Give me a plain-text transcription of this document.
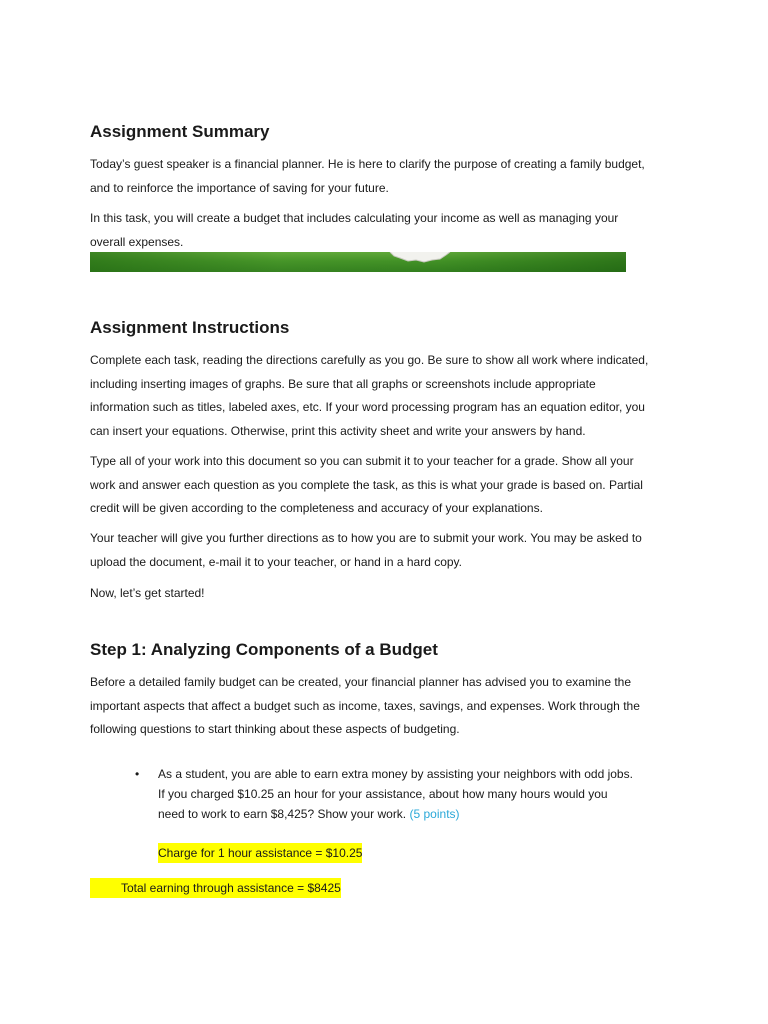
Assignment Summary
Today’s guest speaker is a financial planner. He is here to clarify the purpose of creating a family budget,
and to reinforce the importance of saving for your future.
In this task, you will create a budget that includes calculating your income as well as managing your
overall expenses.
Assignment Instructions
Complete each task, reading the directions carefully as you go. Be sure to show all work where indicated,
including inserting images of graphs. Be sure that all graphs or screenshots include appropriate
information such as titles, labeled axes, etc. If your word processing program has an equation editor, you
can insert your equations. Otherwise, print this activity sheet and write your answers by hand.
Type all of your work into this document so you can submit it to your teacher for a grade. Show all your
work and answer each question as you complete the task, as this is what your grade is based on. Partial
credit will be given according to the completeness and accuracy of your explanations.
Your teacher will give you further directions as to how you are to submit your work. You may be asked to
upload the document, e-mail it to your teacher, or hand in a hard copy.
Now, let’s get started!
Step 1: Analyzing Components of a Budget
Before a detailed family budget can be created, your financial planner has advised you to examine the
important aspects that affect a budget such as income, taxes, savings, and expenses. Work through the
following questions to start thinking about these aspects of budgeting.
• As a student, you are able to earn extra money by assisting your neighbors with odd jobs.
If you charged $10.25 an hour for your assistance, about how many hours would you
need to work to earn $8,425? Show your work. (5 points)
Charge for 1 hour assistance = $10.25
Total earning through assistance = $8425
